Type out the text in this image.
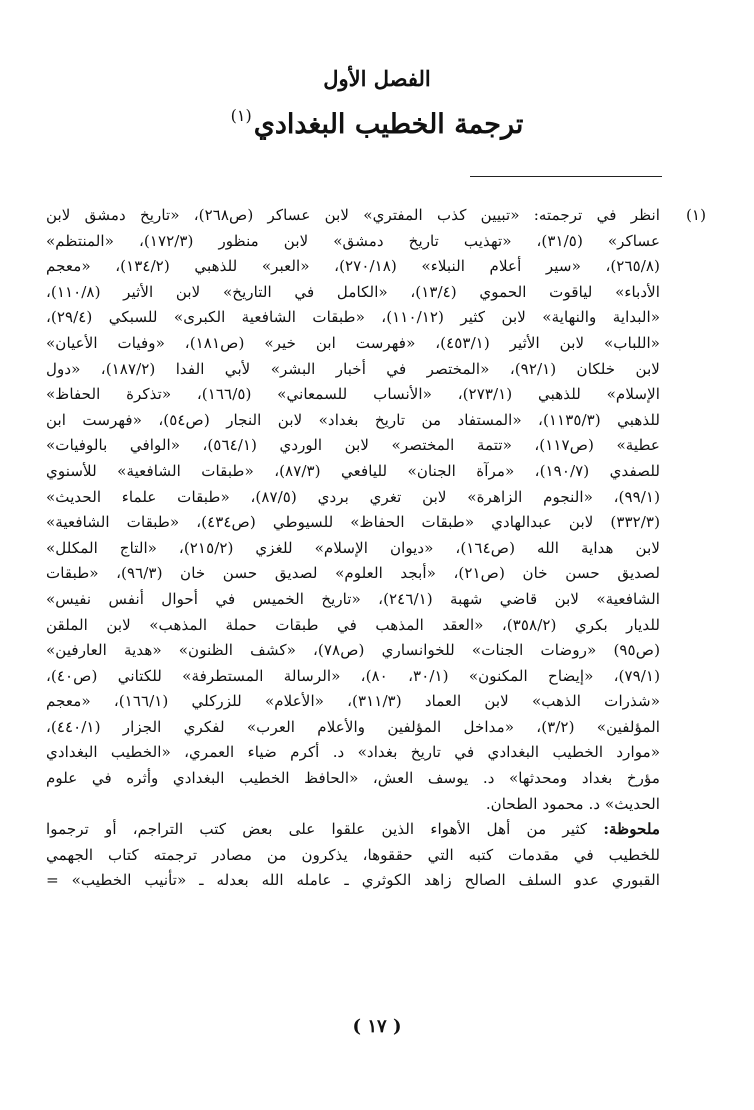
الفصل الأول
ترجمة الخطيب البغدادي$^{(١)}$
(١)
انظر في ترجمته: «تبيين كذب المفتري» لابن عساكر (ص٢٦٨)، «تاريخ دمشق لابن
عساكر» (٣١/٥)، «تهذيب تاريخ دمشق» لابن منظور (١٧٢/٣)، «المنتظم»
(٢٦٥/٨)، «سير أعلام النبلاء» (٢٧٠/١٨)، «العبر» للذهبي (١٣٤/٢)، «معجم
الأدباء» لياقوت الحموي (١٣/٤)، «الكامل في التاريخ» لابن الأثير (١١٠/٨)،
«البداية والنهاية» لابن كثير (١١٠/١٢)، «طبقات الشافعية الكبرى» للسبكي (٢٩/٤)،
«اللباب» لابن الأثير (٤٥٣/١)، «فهرست ابن خير» (ص١٨١)، «وفيات الأعيان»
لابن خلكان (٩٢/١)، «المختصر في أخبار البشر» لأبي الفدا (١٨٧/٢)، «دول
الإسلام» للذهبي (٢٧٣/١)، «الأنساب للسمعاني» (١٦٦/٥)، «تذكرة الحفاظ»
للذهبي (١١٣٥/٣)، «المستفاد من تاريخ بغداد» لابن النجار (ص٥٤)، «فهرست ابن
عطية» (ص١١٧)، «تتمة المختصر» لابن الوردي (٥٦٤/١)، «الوافي بالوفيات»
للصفدي (١٩٠/٧)، «مرآة الجنان» لليافعي (٨٧/٣)، «طبقات الشافعية» للأسنوي
(٩٩/١)، «النجوم الزاهرة» لابن تغري بردي (٨٧/٥)، «طبقات علماء الحديث»
(٣٣٢/٣) لابن عبدالهادي «طبقات الحفاظ» للسيوطي (ص٤٣٤)، «طبقات الشافعية»
لابن هداية الله (ص١٦٤)، «ديوان الإسلام» للغزي (٢١٥/٢)، «التاج المكلل»
لصديق حسن خان (ص٢١)، «أبجد العلوم» لصديق حسن خان (٩٦/٣)، «طبقات
الشافعية» لابن قاضي شهبة (٢٤٦/١)، «تاريخ الخميس في أحوال أنفس نفيس»
للديار بكري (٣٥٨/٢)، «العقد المذهب في طبقات حملة المذهب» لابن الملقن
(ص٩٥) «روضات الجنات» للخوانساري (ص٧٨)، «كشف الظنون» «هدية العارفين»
(٧٩/١)، «إيضاح المكنون» (٣٠/١، ٨٠)، «الرسالة المستطرفة» للكتاني (ص٤٠)،
«شذرات الذهب» لابن العماد (٣١١/٣)، «الأعلام» للزركلي (١٦٦/١)، «معجم
المؤلفين» (٣/٢)، «مداخل المؤلفين والأعلام العرب» لفكري الجزار (٤٤٠/١)،
«موارد الخطيب البغدادي في تاريخ بغداد» د. أكرم ضياء العمري، «الخطيب البغدادي
مؤرخ بغداد ومحدثها» د. يوسف العش، «الحافظ الخطيب البغدادي وأثره في علوم
الحديث» د. محمود الطحان.
ملحوظة: كثير من أهل الأهواء الذين علقوا على بعض كتب التراجم، أو ترجموا
للخطيب في مقدمات كتبه التي حققوها، يذكرون من مصادر ترجمته كتاب الجهمي
القبوري عدو السلف الصالح زاهد الكوثري ـ عامله الله بعدله ـ «تأنيب الخطيب» =
( ١٧ )
